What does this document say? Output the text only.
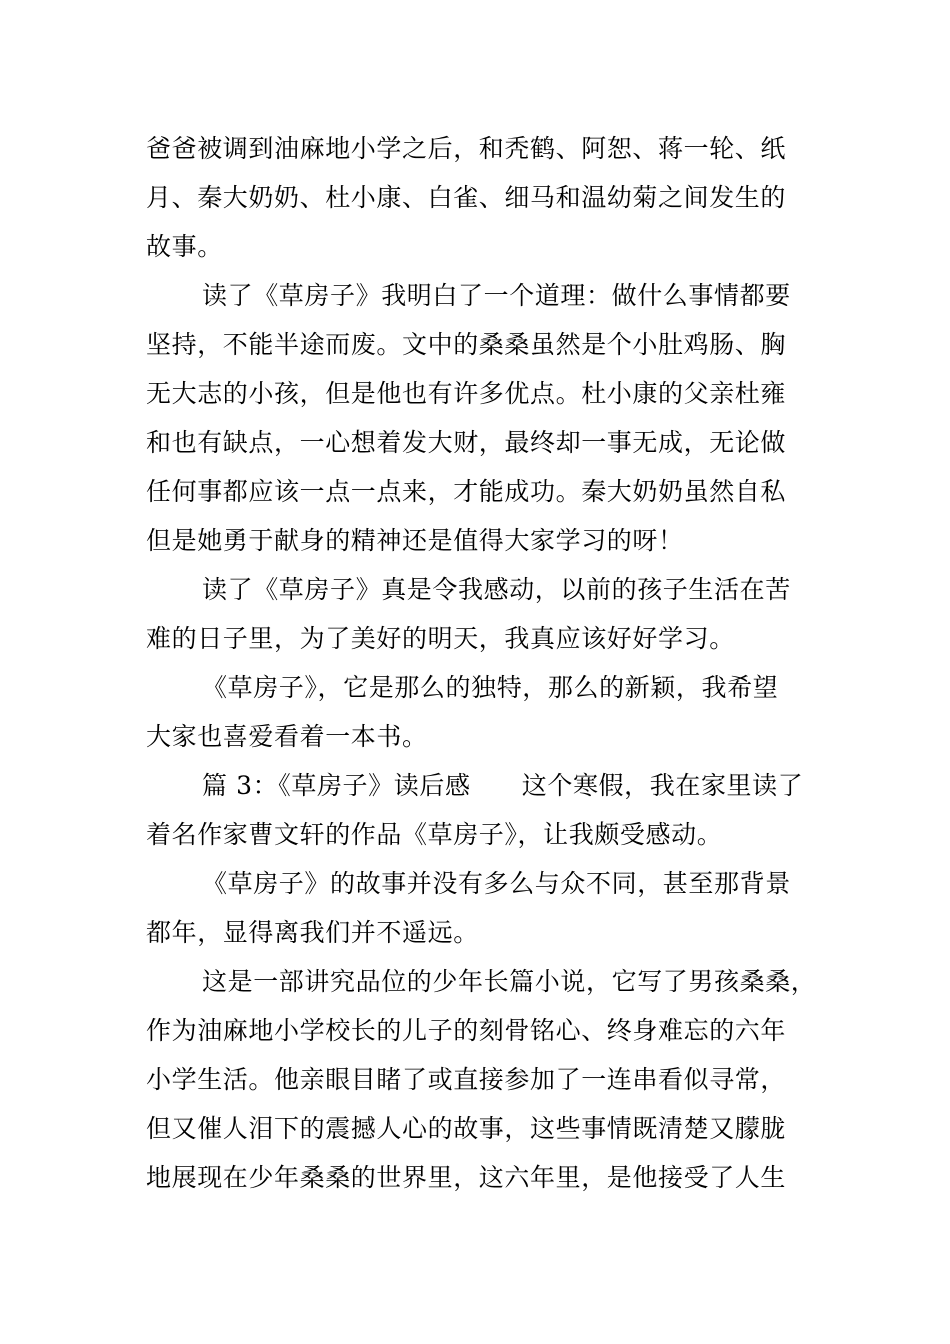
爸爸被调到油麻地小学之后，和秃鹤、阿恕、蒋一轮、纸
月、秦大奶奶、杜小康、白雀、细马和温幼菊之间发生的
故事。
读了《草房子》我明白了一个道理：做什么事情都要
坚持，不能半途而废。文中的桑桑虽然是个小肚鸡肠、胸
无大志的小孩，但是他也有许多优点。杜小康的父亲杜雍
和也有缺点，一心想着发大财，最终却一事无成，无论做
任何事都应该一点一点来，才能成功。秦大奶奶虽然自私
但是她勇于献身的精神还是值得大家学习的呀！
读了《草房子》真是令我感动，以前的孩子生活在苦
难的日子里，为了美好的明天，我真应该好好学习。
《草房子》，它是那么的独特，那么的新颖，我希望
大家也喜爱看着一本书。
篇 3：《草房子》读后感　　这个寒假，我在家里读了
着名作家曹文轩的作品《草房子》，让我颇受感动。
《草房子》的故事并没有多么与众不同，甚至那背景
都年，显得离我们并不遥远。
这是一部讲究品位的少年长篇小说，它写了男孩桑桑，
作为油麻地小学校长的儿子的刻骨铭心、终身难忘的六年
小学生活。他亲眼目睹了或直接参加了一连串看似寻常，
但又催人泪下的震撼人心的故事，这些事情既清楚又朦胧
地展现在少年桑桑的世界里，这六年里，是他接受了人生
